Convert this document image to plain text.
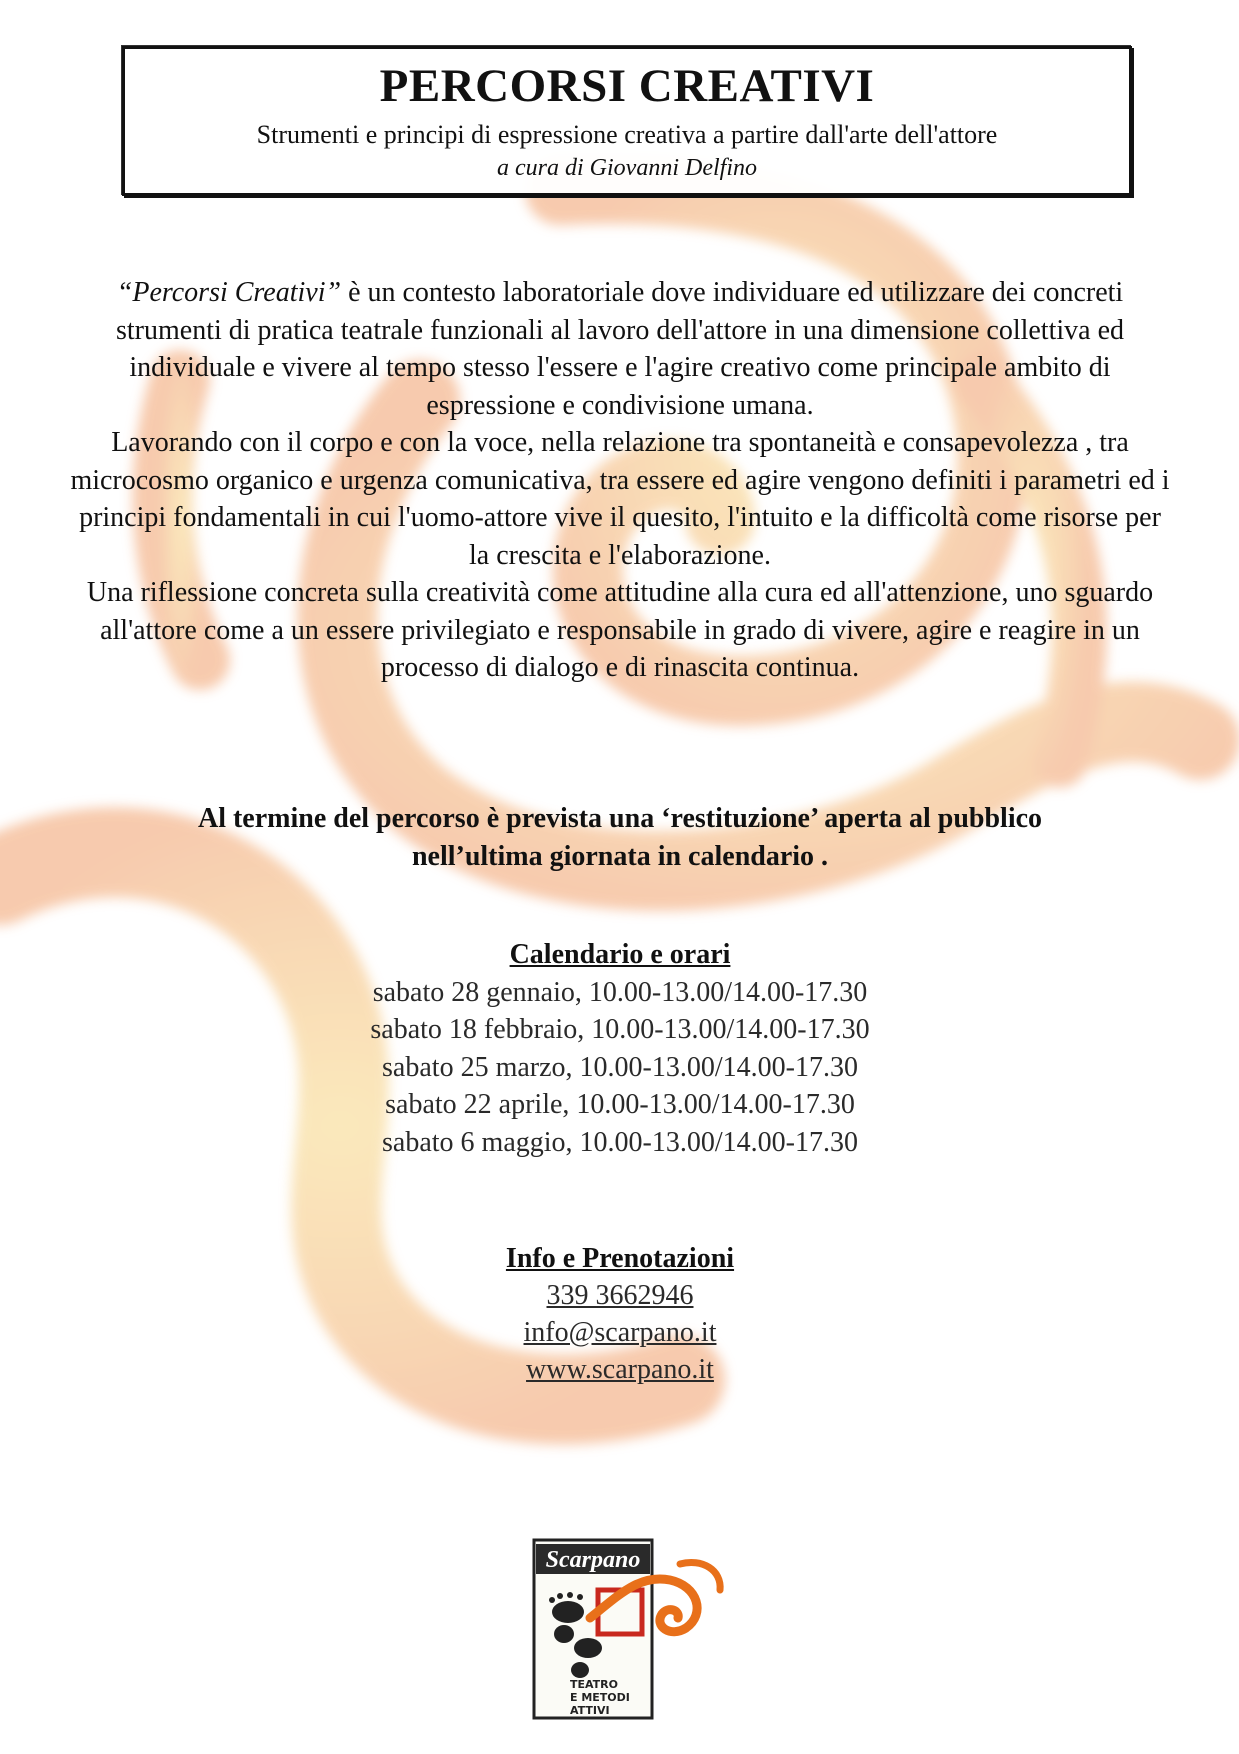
PERCORSI CREATIVI
Strumenti e principi di espressione creativa a partire dall'arte dell'attore
a cura di Giovanni Delfino

“Percorsi Creativi” è un contesto laboratoriale dove individuare ed utilizzare dei concreti strumenti di pratica teatrale funzionali al lavoro dell'attore in una dimensione collettiva ed individuale e vivere al tempo stesso l'essere e l'agire creativo come principale ambito di espressione e condivisione umana.

Lavorando con il corpo e con la voce, nella relazione tra spontaneità e consapevolezza , tra microcosmo organico e urgenza comunicativa, tra essere ed agire vengono definiti i parametri ed i principi fondamentali in cui l'uomo-attore vive il quesito, l'intuito e la difficoltà come risorse per la crescita e l'elaborazione.

Una riflessione concreta sulla creatività come attitudine alla cura ed all'attenzione, uno sguardo all'attore come a un essere privilegiato e responsabile in grado di vivere, agire e reagire in un processo di dialogo e di rinascita continua.

Al termine del percorso è prevista una ‘restituzione’ aperta al pubblico
nell’ultima giornata in calendario .
Calendario e orari
sabato 28 gennaio, 10.00-13.00/14.00-17.30
sabato 18 febbraio, 10.00-13.00/14.00-17.30
sabato 25 marzo, 10.00-13.00/14.00-17.30
sabato 22 aprile, 10.00-13.00/14.00-17.30
sabato 6 maggio, 10.00-13.00/14.00-17.30
Info e Prenotazioni
339 3662946
info@scarpano.it
www.scarpano.it
Scarpano
TEATRO
E METODI
ATTIVI
